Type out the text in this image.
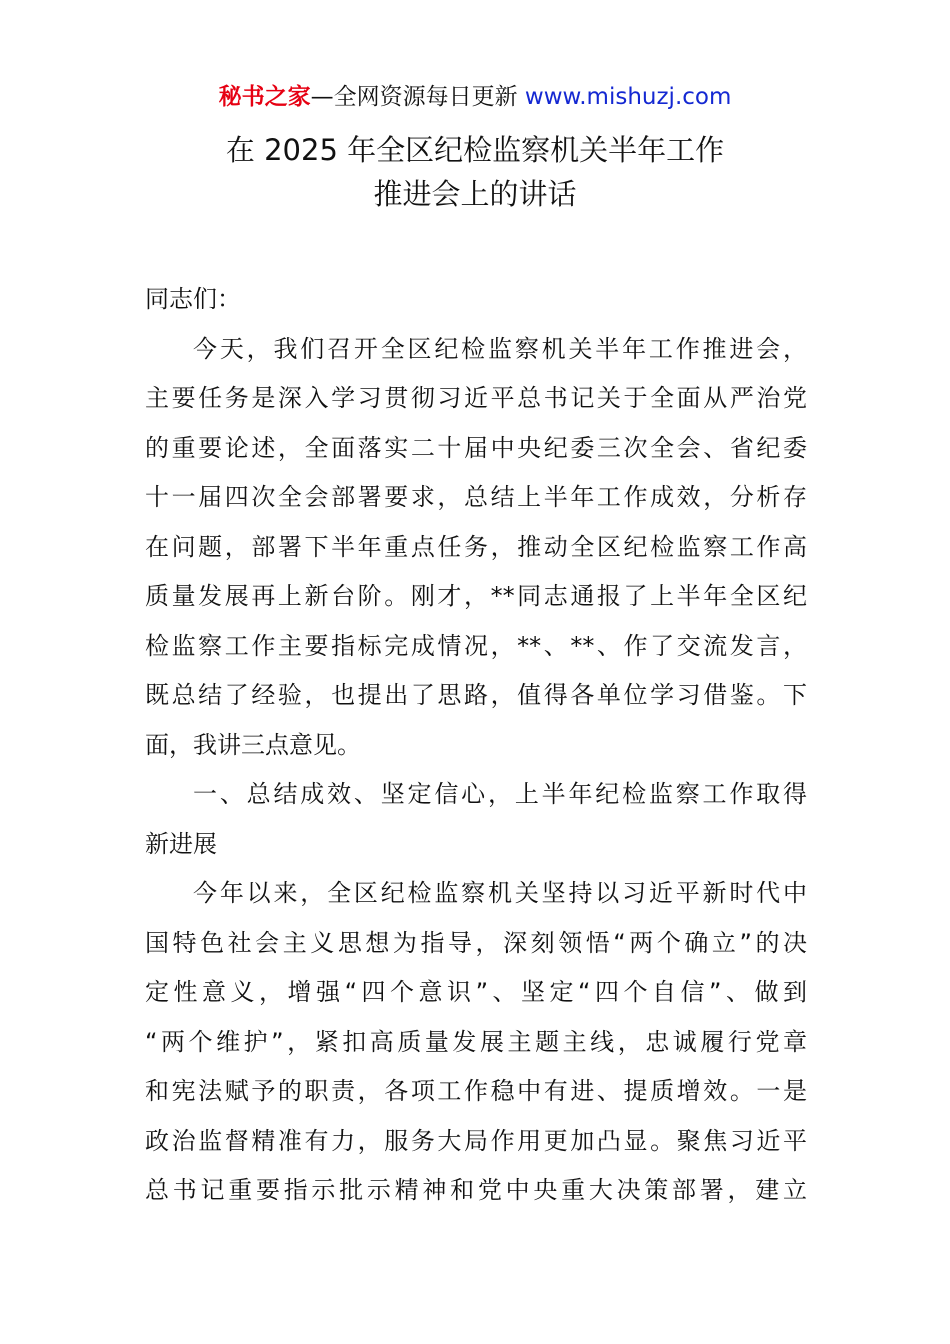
秘书之家—全网资源每日更新 www.mishuzj.com
在 2025 年全区纪检监察机关半年工作
推进会上的讲话
同志们：
今天，我们召开全区纪检监察机关半年工作推进会，
主要任务是深入学习贯彻习近平总书记关于全面从严治党
的重要论述，全面落实二十届中央纪委三次全会、省纪委
十一届四次全会部署要求，总结上半年工作成效，分析存
在问题，部署下半年重点任务，推动全区纪检监察工作高
质量发展再上新台阶。刚才，**同志通报了上半年全区纪
检监察工作主要指标完成情况，**、**、作了交流发言，
既总结了经验，也提出了思路，值得各单位学习借鉴。下
面，我讲三点意见。
一、总结成效、坚定信心，上半年纪检监察工作取得
新进展
今年以来，全区纪检监察机关坚持以习近平新时代中
国特色社会主义思想为指导，深刻领悟“两个确立”的决
定性意义，增强“四个意识”、坚定“四个自信”、做到
“两个维护”，紧扣高质量发展主题主线，忠诚履行党章
和宪法赋予的职责，各项工作稳中有进、提质增效。一是
政治监督精准有力，服务大局作用更加凸显。聚焦习近平
总书记重要指示批示精神和党中央重大决策部署，建立
